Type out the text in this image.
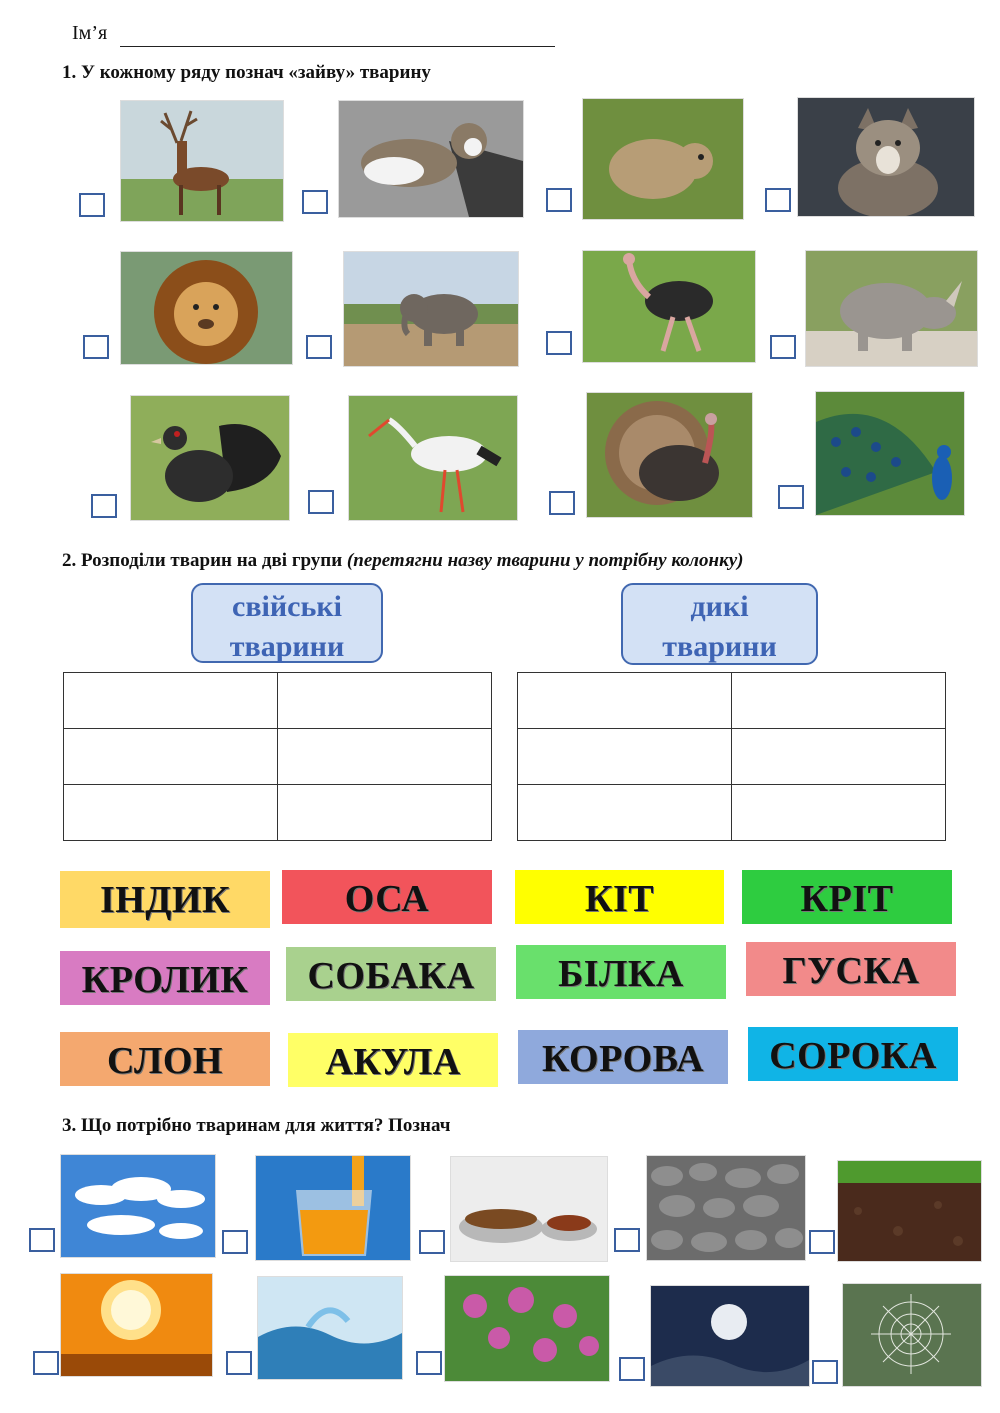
Ім’я
1. У кожному ряду познач «зайву» тварину
2. Розподіли тварин на дві групи (перетягни назву тварини у потрібну колонку)
свійські
тварини
дикі
тварини

ІНДИК	ОСА	КІТ	КРІТ
КРОЛИК	СОБАКА	БІЛКА	ГУСКА
СЛОН	АКУЛА	КОРОВА	СОРОКА
3. Що потрібно тваринам для життя? Познач
